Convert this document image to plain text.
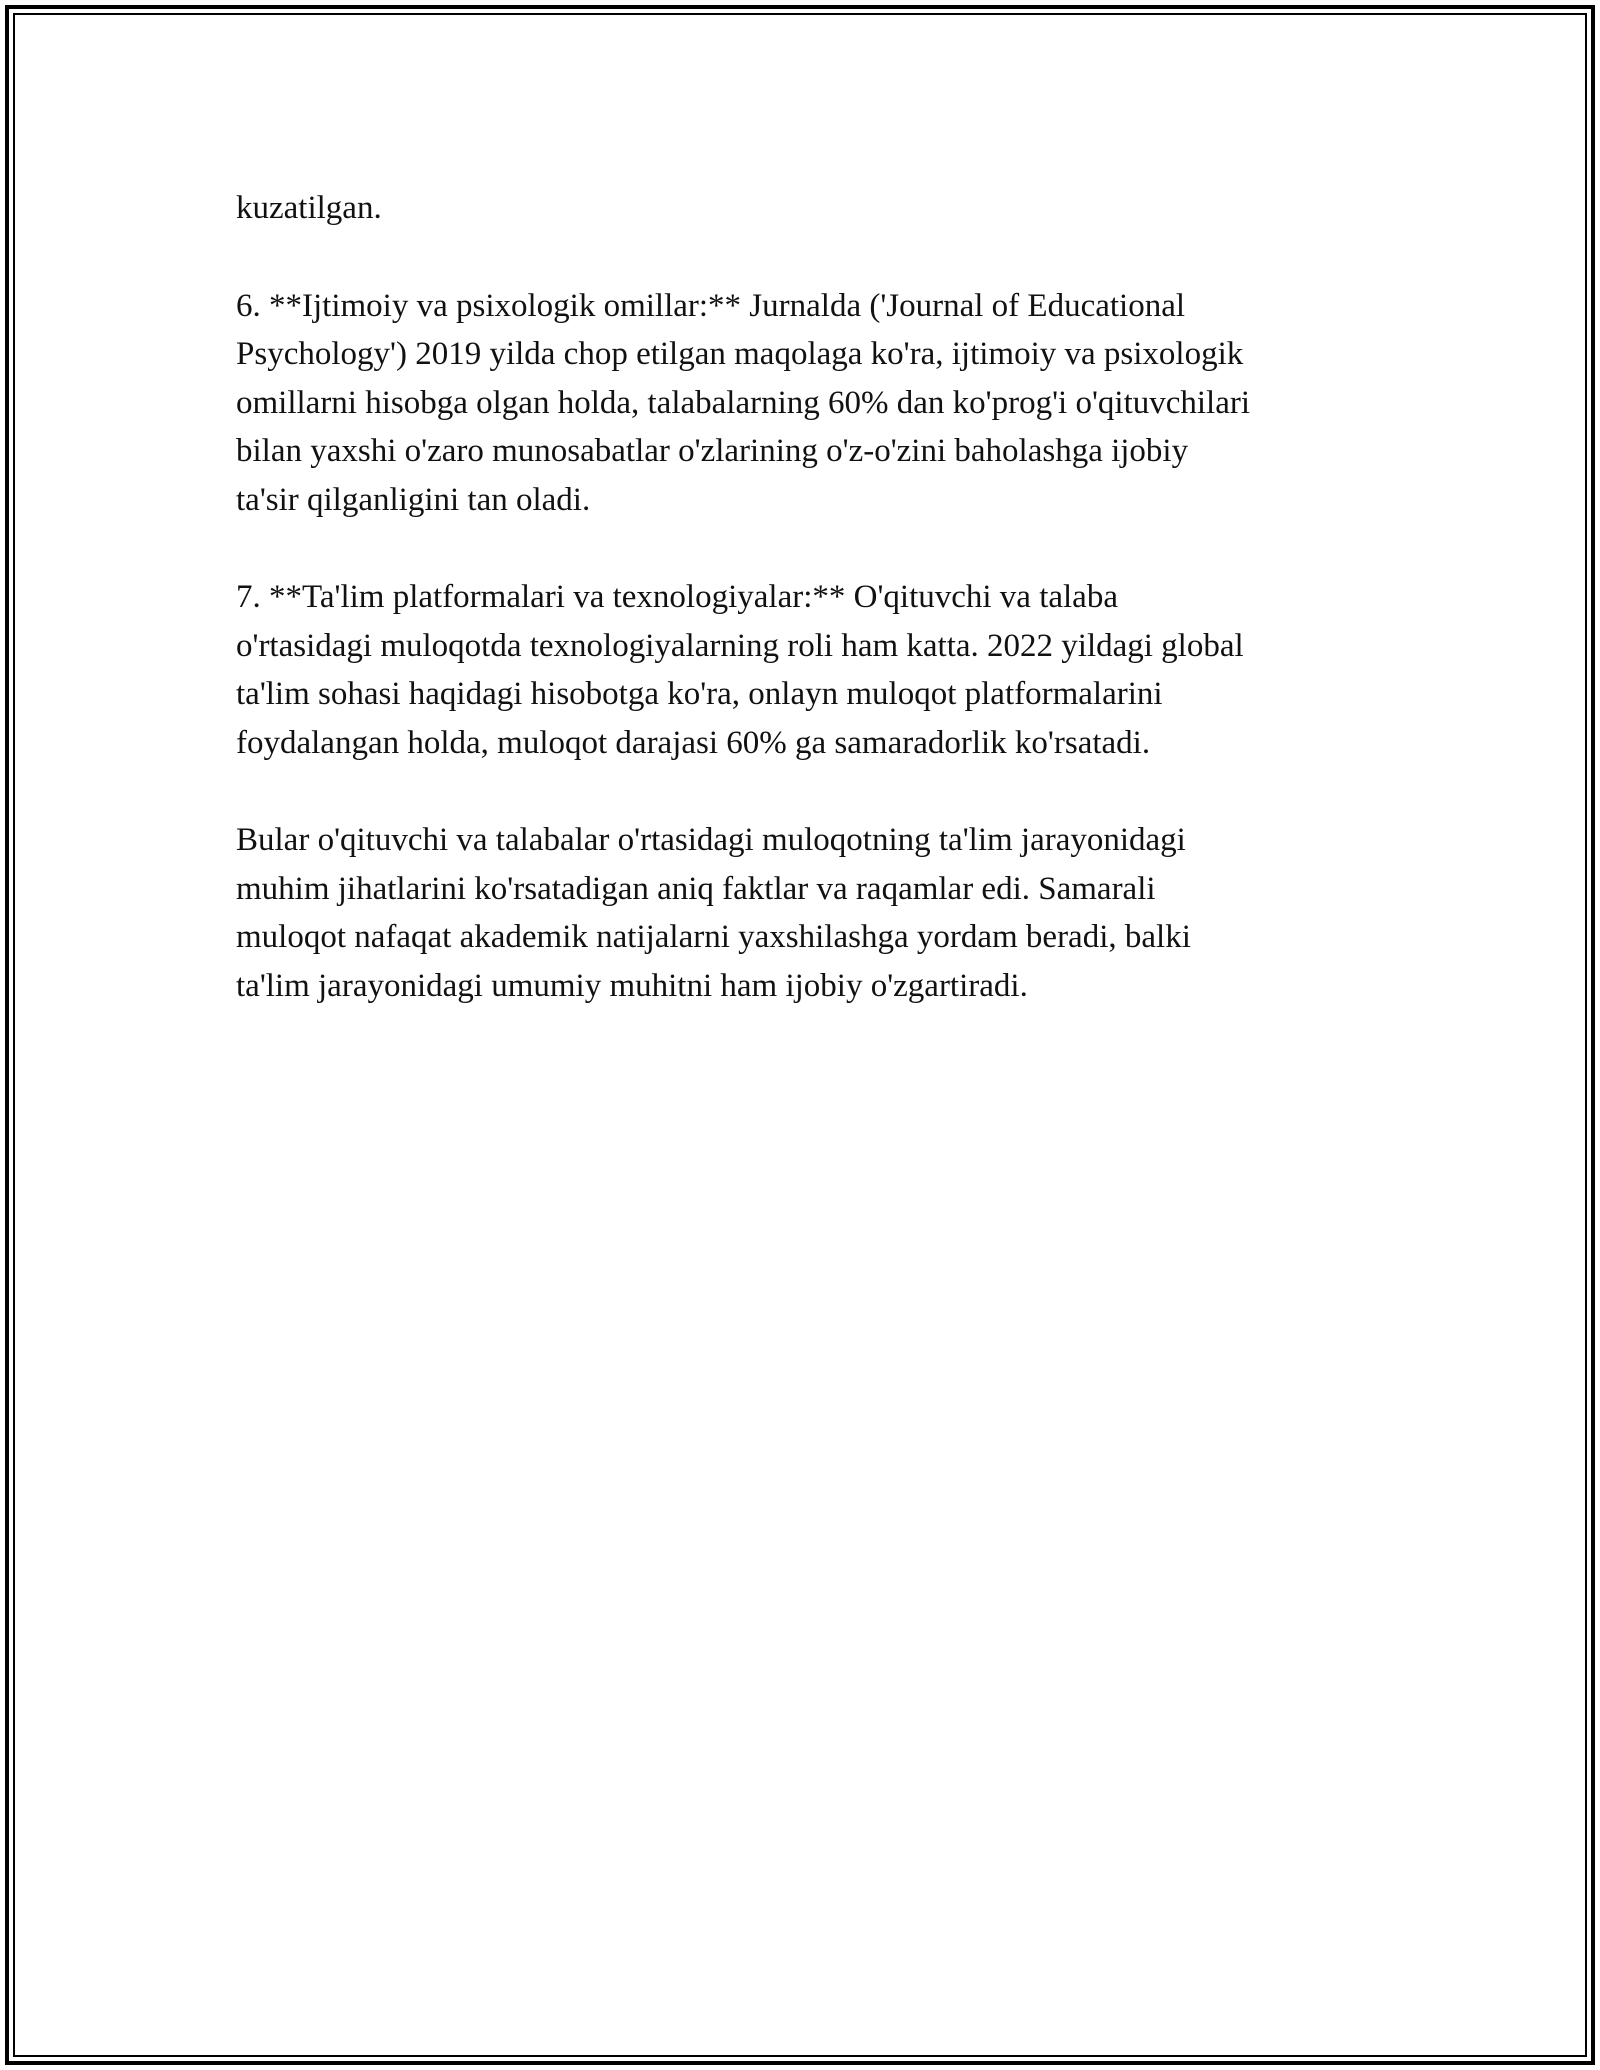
kuzatilgan.

6. **Ijtimoiy va psixologik omillar:** Jurnalda ('Journal of Educational
Psychology') 2019 yilda chop etilgan maqolaga ko'ra, ijtimoiy va psixologik
omillarni hisobga olgan holda, talabalarning 60% dan ko'prog'i o'qituvchilari
bilan yaxshi o'zaro munosabatlar o'zlarining o'z-o'zini baholashga ijobiy
ta'sir qilganligini tan oladi.

7. **Ta'lim platformalari va texnologiyalar:** O'qituvchi va talaba
o'rtasidagi muloqotda texnologiyalarning roli ham katta. 2022 yildagi global
ta'lim sohasi haqidagi hisobotga ko'ra, onlayn muloqot platformalarini
foydalangan holda, muloqot darajasi 60% ga samaradorlik ko'rsatadi.

Bular o'qituvchi va talabalar o'rtasidagi muloqotning ta'lim jarayonidagi
muhim jihatlarini ko'rsatadigan aniq faktlar va raqamlar edi. Samarali
muloqot nafaqat akademik natijalarni yaxshilashga yordam beradi, balki
ta'lim jarayonidagi umumiy muhitni ham ijobiy o'zgartiradi.
